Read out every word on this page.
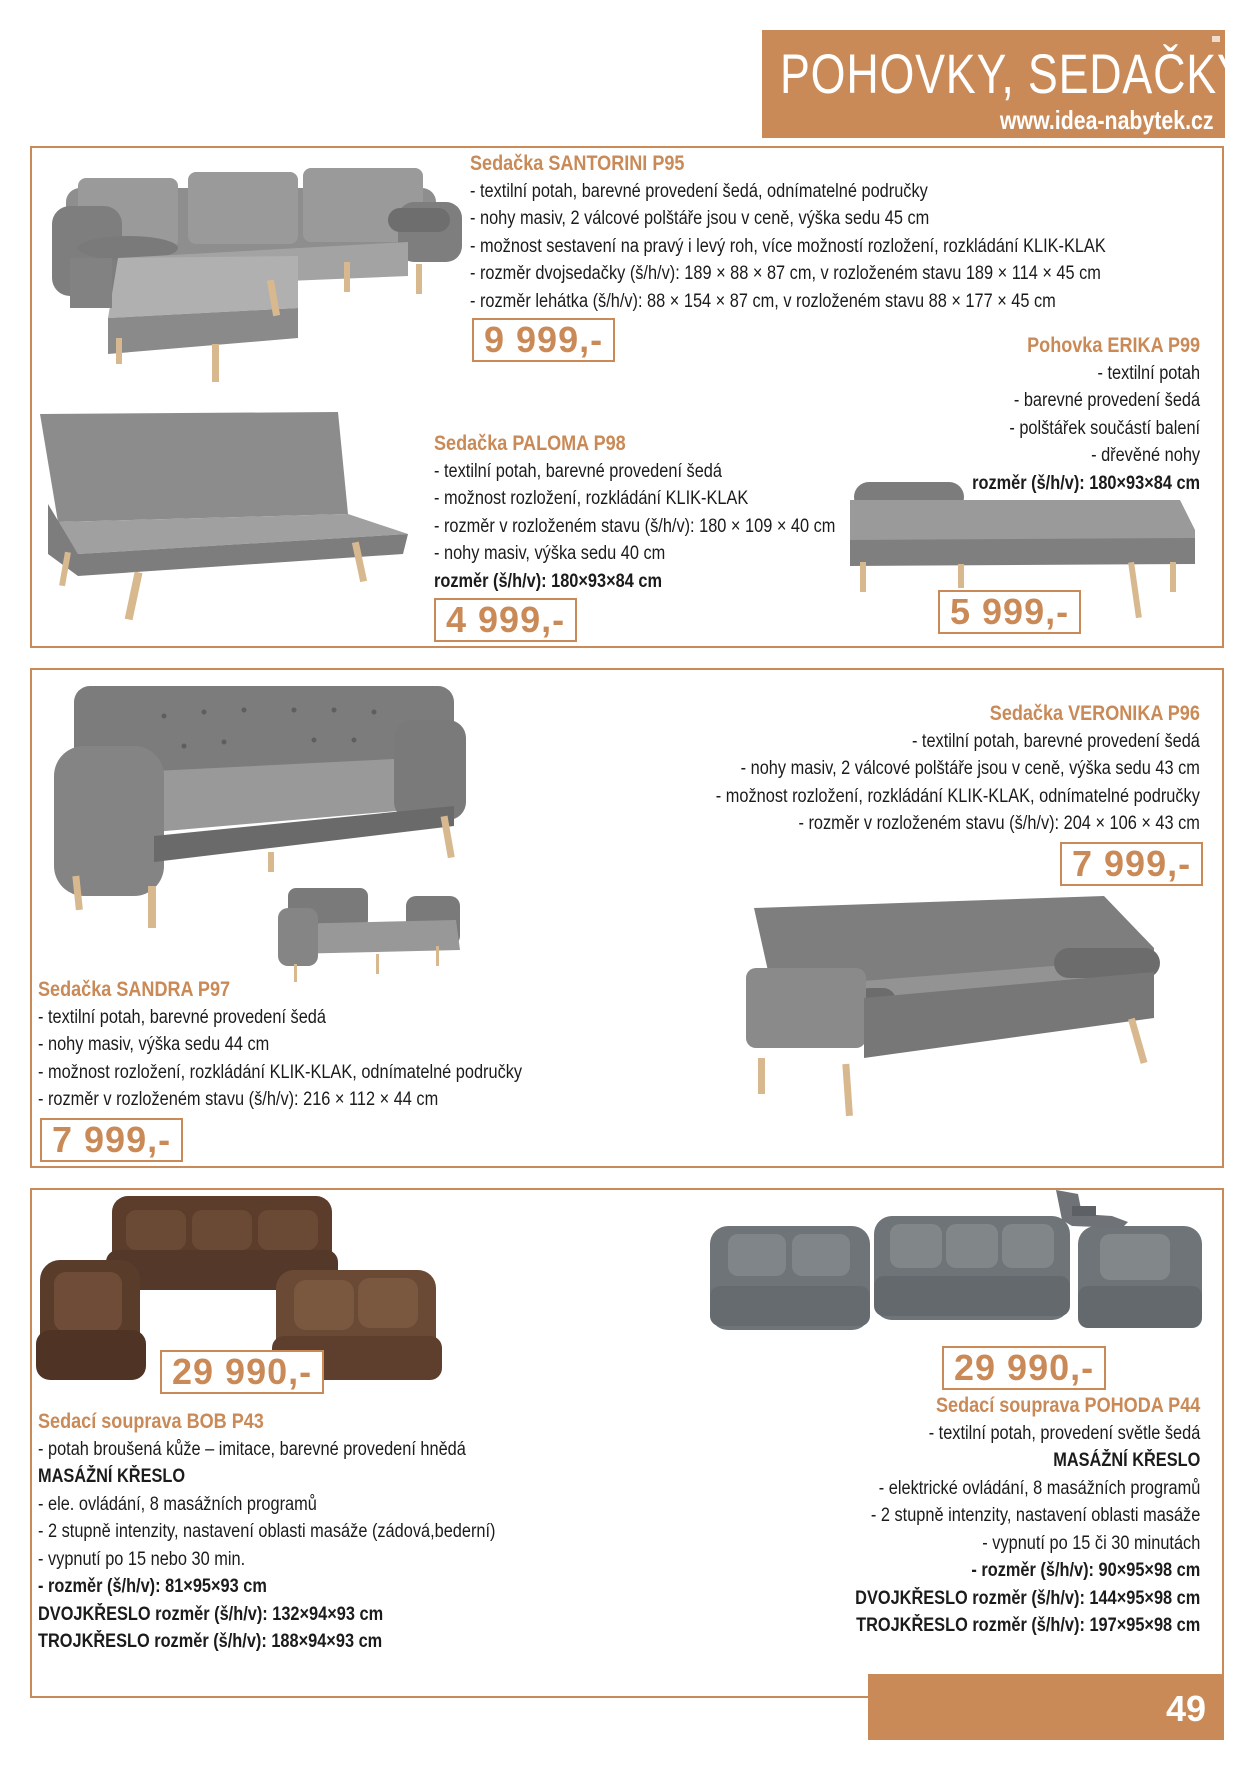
POHOVKY, SEDAČKY
www.idea-nabytek.cz
Sedačka SANTORINI P95
- textilní potah, barevné provedení šedá, odnímatelné područky
- nohy masiv, 2 válcové polštáře jsou v ceně, výška sedu 45 cm
- možnost sestavení na pravý i levý roh, více možností rozložení, rozkládání KLIK-KLAK
- rozměr dvojsedačky (š/h/v): 189 × 88 × 87 cm, v rozloženém stavu 189 × 114 × 45 cm
- rozměr lehátka (š/h/v): 88 × 154 × 87 cm, v rozloženém stavu 88 × 177 × 45 cm
9 999,-	Pohovka ERIKA P99
- textilní potah
- barevné provedení šedá
- polštářek součástí balení
- dřevěné nohy
rozměr (š/h/v): 180×93×84 cm
5 999,-
Sedačka PALOMA P98
- textilní potah, barevné provedení šedá
- možnost rozložení, rozkládání KLIK-KLAK
- rozměr v rozloženém stavu (š/h/v): 180 × 109 × 40 cm
- nohy masiv, výška sedu 40 cm
rozměr (š/h/v): 180×93×84 cm
4 999,-
Sedačka VERONIKA P96
- textilní potah, barevné provedení šedá
- nohy masiv, 2 válcové polštáře jsou v ceně, výška sedu 43 cm
- možnost rozložení, rozkládání KLIK-KLAK, odnímatelné područky
- rozměr v rozloženém stavu (š/h/v): 204 × 106 × 43 cm
7 999,-
Sedačka SANDRA P97
- textilní potah, barevné provedení šedá
- nohy masiv, výška sedu 44 cm
- možnost rozložení, rozkládání KLIK-KLAK, odnímatelné područky
- rozměr v rozloženém stavu (š/h/v): 216 × 112 × 44 cm
7 999,-
29 990,-
Sedací souprava BOB P43
- potah broušená kůže – imitace, barevné provedení hnědá
MASÁŽNÍ KŘESLO
- ele. ovládání, 8 masážních programů
- 2 stupně intenzity, nastavení oblasti masáže (zádová,bederní)
- vypnutí po 15 nebo 30 min.
- rozměr (š/h/v): 81×95×93 cm
DVOJKŘESLO rozměr (š/h/v): 132×94×93 cm
TROJKŘESLO rozměr (š/h/v): 188×94×93 cm
29 990,-
Sedací souprava POHODA P44
- textilní potah, provedení světle šedá
MASÁŽNÍ KŘESLO
- elektrické ovládání, 8 masážních programů
- 2 stupně intenzity, nastavení oblasti masáže
- vypnutí po 15 či 30 minutách
- rozměr (š/h/v): 90×95×98 cm
DVOJKŘESLO rozměr (š/h/v): 144×95×98 cm
TROJKŘESLO rozměr (š/h/v): 197×95×98 cm
49
